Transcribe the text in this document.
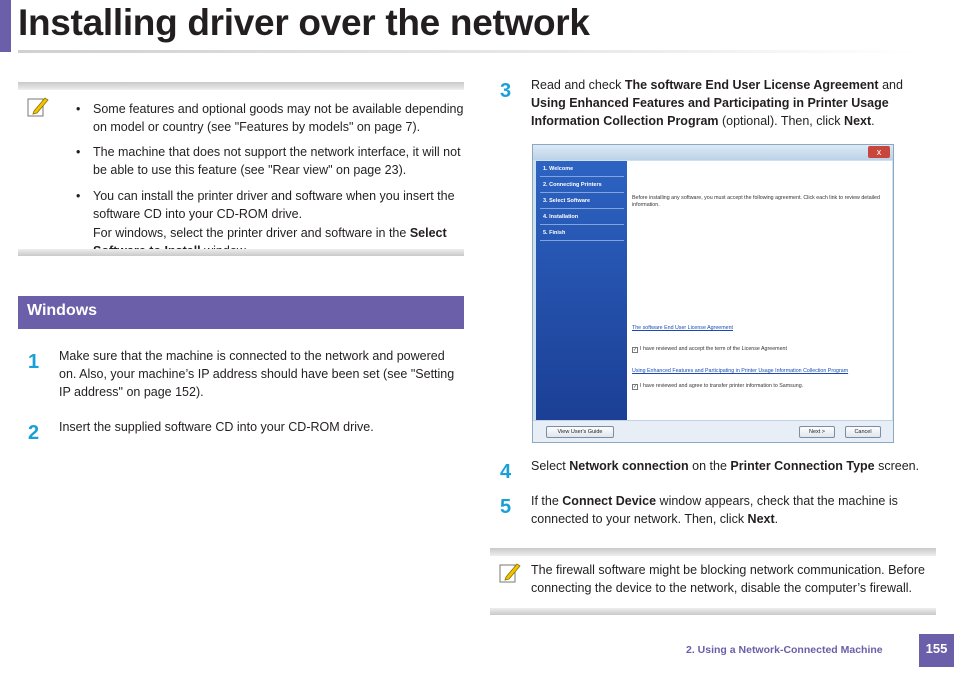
Installing driver over the network
• Some features and optional goods may not be available depending on model or country (see "Features by models" on page 7).
• The machine that does not support the network interface, it will not be able to use this feature (see "Rear view" on page 23).
• You can install the printer driver and software when you insert the software CD into your CD-ROM drive.
For windows, select the printer driver and software in the Select
Windows
1 Make sure that the machine is connected to the network and powered on. Also, your machine’s IP address should have been set (see "Setting IP address" on page 152).
2 Insert the supplied software CD into your CD-ROM drive.
3 Read and check The software End User License Agreement and Using Enhanced Features and Participating in Printer Usage Information Collection Program (optional). Then, click Next.
x
1. Welcome
2. Connecting Printers
3. Select Software
4. Installation
5. Finish
Before installing any software, you must accept the following agreement. Click each link to review detailed information.
The software End User License Agreement
✓ I have reviewed and accept the term of the License Agreement
Using Enhanced Features and Participating in Printer Usage Information Collection Program
✓ I have reviewed and agree to transfer printer information to Samsung.
View User's Guide	Next >	Cancel
4 Select Network connection on the Printer Connection Type screen.
5 If the Connect Device window appears, check that the machine is connected to your network. Then, click Next.
The firewall software might be blocking network communication. Before connecting the device to the network, disable the computer’s firewall.
2. Using a Network-Connected Machine	155
